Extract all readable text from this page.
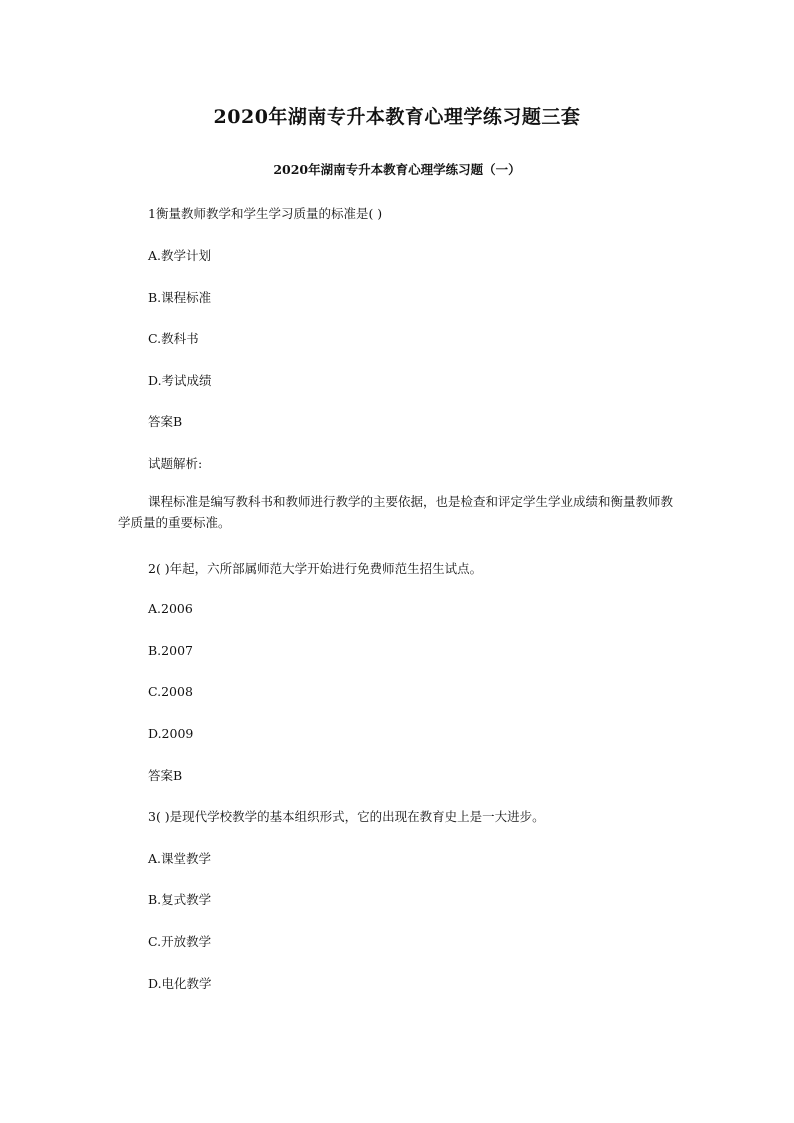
2020年湖南专升本教育心理学练习题三套
2020年湖南专升本教育心理学练习题（一）
1衡量教师教学和学生学习质量的标准是( )
A.教学计划
B.课程标准
C.教科书
D.考试成绩
答案B
试题解析:
课程标准是编写教科书和教师进行教学的主要依据，也是检查和评定学生学业成绩和衡量教师教学质量的重要标准。
2( )年起，六所部属师范大学开始进行免费师范生招生试点。
A.2006
B.2007
C.2008
D.2009
答案B
3( )是现代学校教学的基本组织形式，它的出现在教育史上是一大进步。
A.课堂教学
B.复式教学
C.开放教学
D.电化教学
